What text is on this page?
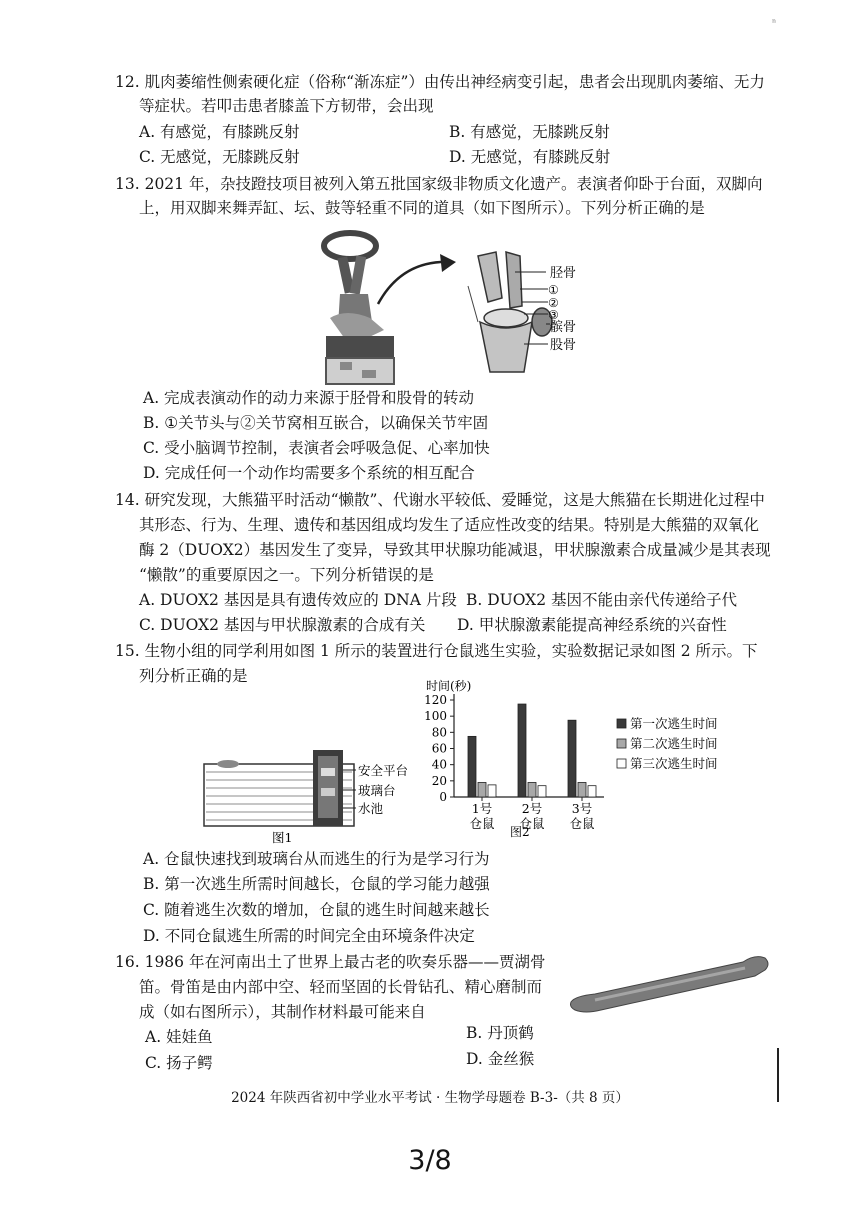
ⁿ
12. 肌肉萎缩性侧索硬化症（俗称“渐冻症”）由传出神经病变引起，患者会出现肌肉萎缩、无力
等症状。若叩击患者膝盖下方韧带，会出现
A. 有感觉，有膝跳反射	B. 有感觉，无膝跳反射
C. 无感觉，无膝跳反射	D. 无感觉，有膝跳反射
13. 2021 年，杂技蹬技项目被列入第五批国家级非物质文化遗产。表演者仰卧于台面，双脚向
上，用双脚来舞弄缸、坛、鼓等轻重不同的道具（如下图所示）。下列分析正确的是
胫骨
①
②
③
髌骨
股骨
A. 完成表演动作的动力来源于胫骨和股骨的转动
B. ①关节头与②关节窝相互嵌合，以确保关节牢固
C. 受小脑调节控制，表演者会呼吸急促、心率加快
D. 完成任何一个动作均需要多个系统的相互配合
14. 研究发现，大熊猫平时活动“懒散”、代谢水平较低、爱睡觉，这是大熊猫在长期进化过程中
其形态、行为、生理、遗传和基因组成均发生了适应性改变的结果。特别是大熊猫的双氧化
酶 2（DUOX2）基因发生了变异，导致其甲状腺功能减退，甲状腺激素合成量减少是其表现
“懒散”的重要原因之一。下列分析错误的是
A. DUOX2 基因是具有遗传效应的 DNA 片段 B. DUOX2 基因不能由亲代传递给子代
C. DUOX2 基因与甲状腺激素的合成有关 D. 甲状腺激素能提高神经系统的兴奋性
15. 生物小组的同学利用如图 1 所示的装置进行仓鼠逃生实验，实验数据记录如图 2 所示。下
列分析正确的是
安全平台
玻璃台
水池
图1
时间(秒)
0
20
40
60
80
100
120
1号
仓鼠
2号
仓鼠
3号
仓鼠
第一次逃生时间
第二次逃生时间
第三次逃生时间
图2
A. 仓鼠快速找到玻璃台从而逃生的行为是学习行为
B. 第一次逃生所需时间越长，仓鼠的学习能力越强
C. 随着逃生次数的增加，仓鼠的逃生时间越来越长
D. 不同仓鼠逃生所需的时间完全由环境条件决定
16. 1986 年在河南出土了世界上最古老的吹奏乐器——贾湖骨
笛。骨笛是由内部中空、轻而坚固的长骨钻孔、精心磨制而
成（如右图所示），其制作材料最可能来自
A. 娃娃鱼	B. 丹顶鹤
C. 扬子鳄	D. 金丝猴
2024 年陕西省初中学业水平考试 · 生物学母题卷 B-3-（共 8 页）
3/8
